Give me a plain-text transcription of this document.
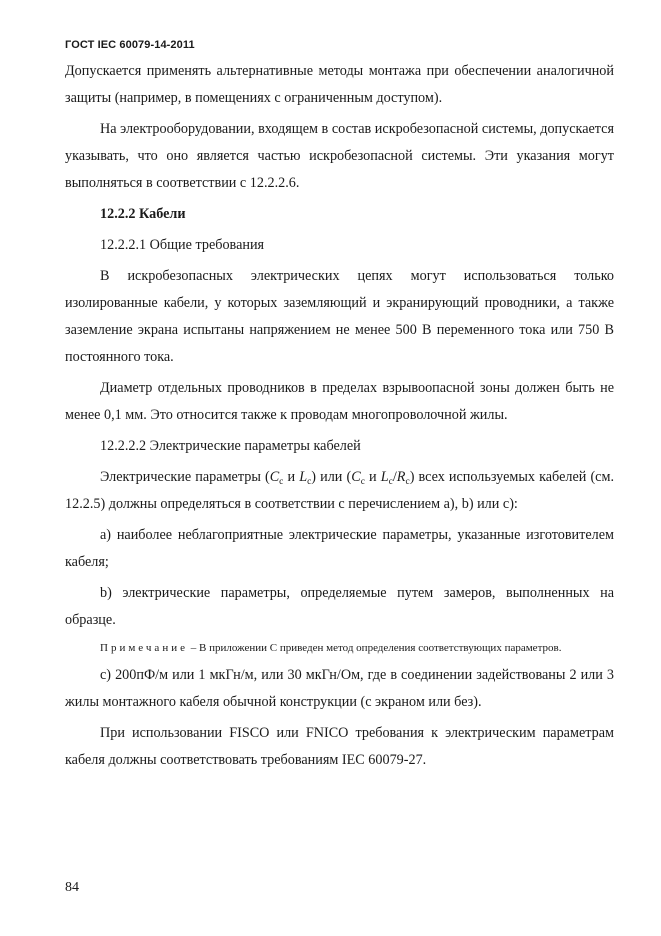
ГОСТ IEC 60079-14-2011

Допускается применять альтернативные методы монтажа при обеспечении аналогичной защиты (например, в помещениях с ограниченным доступом).

На электрооборудовании, входящем в состав искробезопасной системы, допускается указывать, что оно является частью искробезопасной системы. Эти указания могут выполняться в соответствии с 12.2.2.6.

12.2.2 Кабели

12.2.2.1 Общие требования

В искробезопасных электрических цепях могут использоваться только изолированные кабели, у которых заземляющий и экранирующий проводники, а также заземление экрана испытаны напряжением не менее 500 В переменного тока или 750 В постоянного тока.

Диаметр отдельных проводников в пределах взрывоопасной зоны должен быть не менее 0,1 мм. Это относится также к проводам многопроволочной жилы.

12.2.2.2 Электрические параметры кабелей

Электрические параметры ($C_c$ и $L_c$) или ($C_c$ и $L_c/R_c$) всех используемых кабелей (см. 12.2.5) должны определяться в соответствии с перечислением а), b) или с):

а) наиболее неблагоприятные электрические параметры, указанные изготовителем кабеля;

b) электрические параметры, определяемые путем замеров, выполненных на образце.

Примечание – В приложении С приведен метод определения соответствующих параметров.

с) 200пФ/м или 1 мкГн/м, или 30 мкГн/Ом, где в соединении задействованы 2 или 3 жилы монтажного кабеля обычной конструкции (с экраном или без).

При использовании FISCO или FNICO требования к электрическим параметрам кабеля должны соответствовать требованиям IEC 60079-27.

84
